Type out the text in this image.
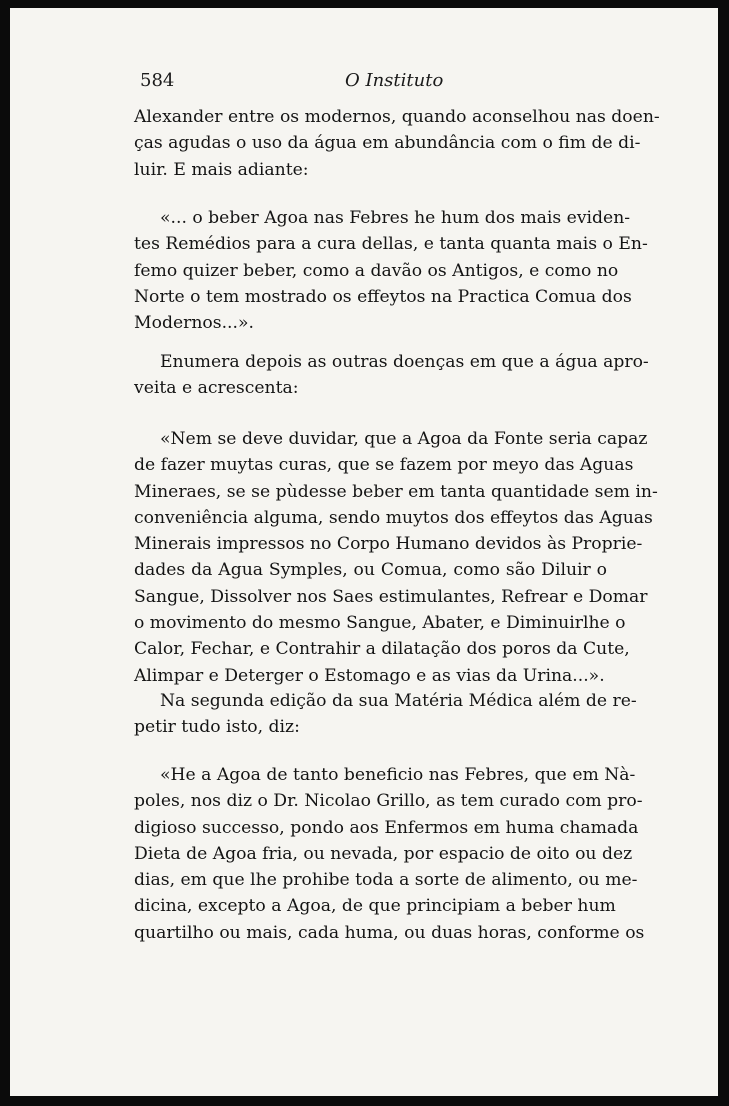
584	O Instituto
Alexander entre os modernos, quando aconselhou nas doen-
ças agudas o uso da água em abundância com o fim de di-
luir. E mais adiante:
«... o beber Agoa nas Febres he hum dos mais eviden-
tes Remédios para a cura dellas, e tanta quanta mais o En-
femo quizer beber, como a davão os Antigos, e como no
Norte o tem mostrado os effeytos na Practica Comua dos
Modernos...».
Enumera depois as outras doenças em que a água apro-
veita e acrescenta:
«Nem se deve duvidar, que a Agoa da Fonte seria capaz
de fazer muytas curas, que se fazem por meyo das Aguas
Mineraes, se se pùdesse beber em tanta quantidade sem in-
conveniência alguma, sendo muytos dos effeytos das Aguas
Minerais impressos no Corpo Humano devidos às Proprie-
dades da Agua Symples, ou Comua, como são Diluir o
Sangue, Dissolver nos Saes estimulantes, Refrear e Domar
o movimento do mesmo Sangue, Abater, e Diminuirlhe o
Calor, Fechar, e Contrahir a dilatação dos poros da Cute,
Alimpar e Deterger o Estomago e as vias da Urina...».
Na segunda edição da sua Matéria Médica além de re-
petir tudo isto, diz:
«He a Agoa de tanto beneficio nas Febres, que em Nà-
poles, nos diz o Dr. Nicolao Grillo, as tem curado com pro-
digioso successo, pondo aos Enfermos em huma chamada
Dieta de Agoa fria, ou nevada, por espacio de oito ou dez
dias, em que lhe prohibe toda a sorte de alimento, ou me-
dicina, excepto a Agoa, de que principiam a beber hum
quartilho ou mais, cada huma, ou duas horas, conforme os
